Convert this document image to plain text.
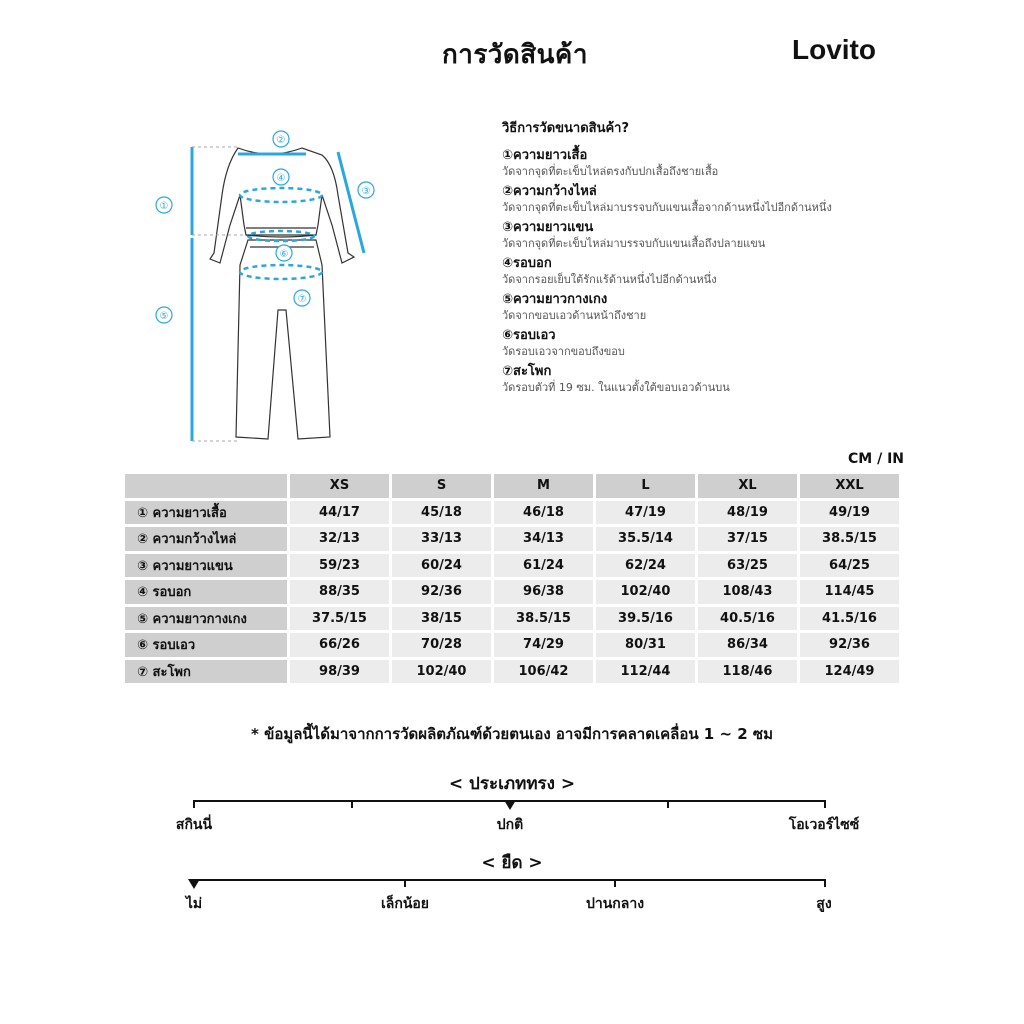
การวัดสินค้า	Lovito
①
⑤
②
③
④
⑥
⑦
วิธีการวัดขนาดสินค้า?
①ความยาวเสื้อ
วัดจากจุดที่ตะเข็บไหล่ตรงกับปกเสื้อถึงชายเสื้อ
②ความกว้างไหล่
วัดจากจุดที่ตะเข็บไหล่มาบรรจบกับแขนเสื้อจากด้านหนึ่งไปอีกด้านหนึ่ง
③ความยาวแขน
วัดจากจุดที่ตะเข็บไหล่มาบรรจบกับแขนเสื้อถึงปลายแขน
④รอบอก
วัดจากรอยเย็บใต้รักแร้ด้านหนึ่งไปอีกด้านหนึ่ง
⑤ความยาวกางเกง
วัดจากขอบเอวด้านหน้าถึงชาย
⑥รอบเอว
วัดรอบเอวจากขอบถึงขอบ
⑦สะโพก
วัดรอบตัวที่ 19 ซม. ในแนวตั้งใต้ขอบเอวด้านบน
CM / IN
	XS	S	M	L	XL	XXL
① ความยาวเสื้อ	44/17	45/18	46/18	47/19	48/19	49/19
② ความกว้างไหล่	32/13	33/13	34/13	35.5/14	37/15	38.5/15
③ ความยาวแขน	59/23	60/24	61/24	62/24	63/25	64/25
④ รอบอก	88/35	92/36	96/38	102/40	108/43	114/45
⑤ ความยาวกางเกง	37.5/15	38/15	38.5/15	39.5/16	40.5/16	41.5/16
⑥ รอบเอว	66/26	70/28	74/29	80/31	86/34	92/36
⑦ สะโพก	98/39	102/40	106/42	112/44	118/46	124/49
* ข้อมูลนี้ได้มาจากการวัดผลิตภัณฑ์ด้วยตนเอง อาจมีการคลาดเคลื่อน 1 ~ 2 ซม
< ประเภททรง >
สกินนี่	ปกติ	โอเวอร์ไซซ์
< ยืด >
ไม่	เล็กน้อย	ปานกลาง	สูง
